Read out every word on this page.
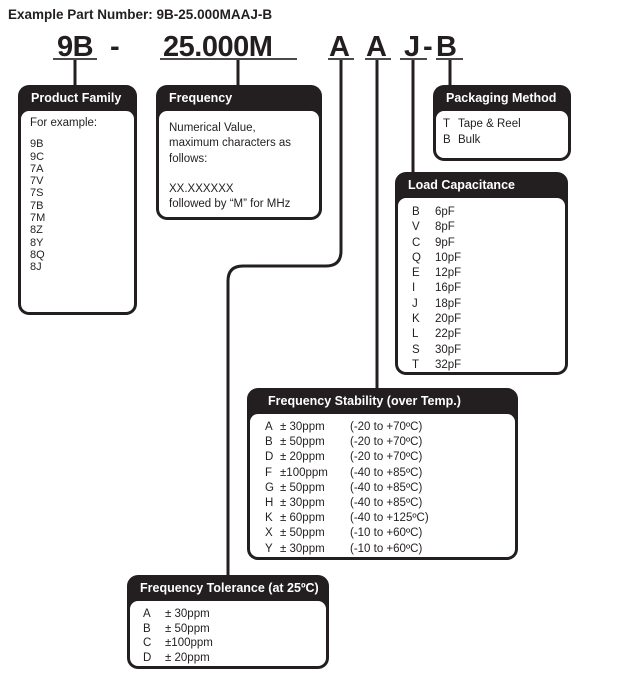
Example Part Number: 9B-25.000MAAJ-B
9B - 25.000M A A J - B
Product Family
For example:
9B
9C
7A
7V
7S
7B
7M
8Z
8Y
8Q
8J
Frequency
Numerical Value,
maximum characters as
follows:
XX.XXXXXX
followed by “M” for MHz
Packaging Method
T Tape & Reel
B Bulk
Load Capacitance
B 6pF
V 8pF
C 9pF
Q 10pF
E 12pF
I 16pF
J 18pF
K 20pF
L 22pF
S 30pF
T 32pF
Frequency Stability (over Temp.)
A ± 30ppm (-20 to +70ºC)
B ± 50ppm (-20 to +70ºC)
D ± 20ppm (-20 to +70ºC)
F ±100ppm (-40 to +85ºC)
G ± 50ppm (-40 to +85ºC)
H ± 30ppm (-40 to +85ºC)
K ± 60ppm (-40 to +125ºC)
X ± 50ppm (-10 to +60ºC)
Y ± 30ppm (-10 to +60ºC)
Frequency Tolerance (at 25ºC)
A ± 30ppm
B ± 50ppm
C ±100ppm
D ± 20ppm
